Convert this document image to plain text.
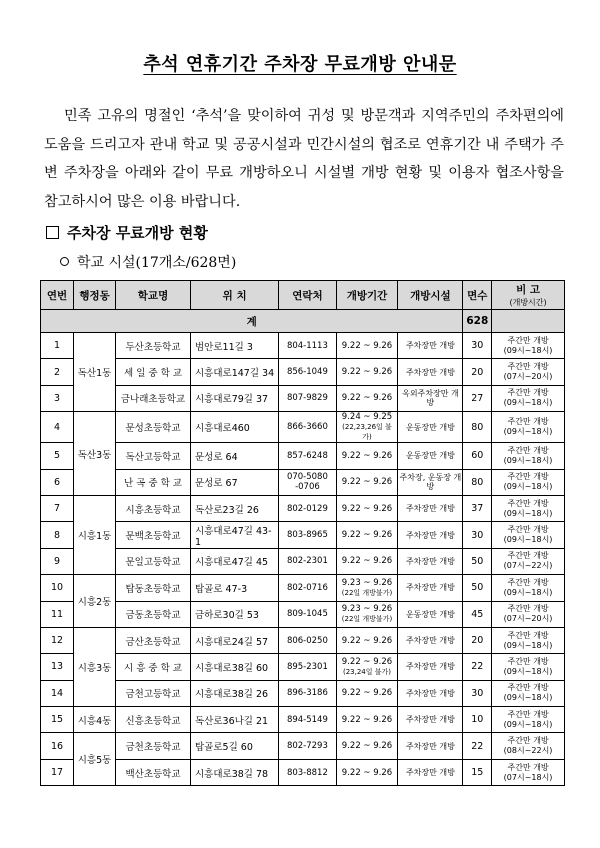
추석 연휴기간 주차장 무료개방 안내문
민족 고유의 명절인 ‘추석’을 맞이하여 귀성 및 방문객과 지역주민의 주차편의에 도움을 드리고자 관내 학교 및 공공시설과 민간시설의 협조로 연휴기간 내 주택가 주변 주차장을 아래와 같이 무료 개방하오니 시설별 개방 현황 및 이용자 협조사항을 참고하시어 많은 이용 바랍니다.
주차장 무료개방 현황
학교 시설(17개소/628면)
연번	행정동	학교명	위 치	연락처	개방기간	개방시설	면수	비 고
(개방시간)

계							628	
1	독산1동	두산초등학교	범안로11길 3	804-1113	9.22 ~ 9.26	주차장만 개방	30	주간만 개방
(09시~18시)

2		세 일 중 학 교	시흥대로147길 34	856-1049	9.22 ~ 9.26	주차장만 개방	20	주간만 개방
(07시~20시)

3		금나래초등학교	시흥대로79길 37	807-9829	9.22 ~ 9.26	옥외주차장만 개방	27	주간만 개방
(09시~18시)

4	독산3동	문성초등학교	시흥대로460	866-3660	9.24 ~ 9.25
(22,23,26일 불가)	운동장만 개방	80	주간만 개방
(09시~18시)

5		독산고등학교	문성로 64	857-6248	9.22 ~ 9.26	운동장만 개방	60	주간만 개방
(09시~18시)

6		난 곡 중 학 교	문성로 67	070-5080
-0706	9.22 ~ 9.26	주차장, 운동장 개방	80	주간만 개방
(09시~18시)

7	시흥1동	시흥초등학교	독산로23길 26	802-0129	9.22 ~ 9.26	주차장만 개방	37	주간만 개방
(09시~18시)

8		문백초등학교	시흥대로47길 43-1	803-8965	9.22 ~ 9.26	주차장만 개방	30	주간만 개방
(09시~18시)

9		문일고등학교	시흥대로47길 45	802-2301	9.22 ~ 9.26	주차장만 개방	50	주간만 개방
(07시~22시)

10	시흥2동	탑동초등학교	탑골로 47-3	802-0716	9.23 ~ 9.26
(22일 개방불가)	주차장만 개방	50	주간만 개방
(09시~18시)

11		금동초등학교	금하로30길 53	809-1045	9.23 ~ 9.26
(22일 개방불가)	운동장만 개방	45	주간만 개방
(07시~20시)

12	시흥3동	금산초등학교	시흥대로24길 57	806-0250	9.22 ~ 9.26	주차장만 개방	20	주간만 개방
(09시~18시)

13		시 흥 중 학 교	시흥대로38길 60	895-2301	9.22 ~ 9.26
(23,24일 불가)	주차장만 개방	22	주간만 개방
(09시~18시)

14		금천고등학교	시흥대로38길 26	896-3186	9.22 ~ 9.26	주차장만 개방	30	주간만 개방
(09시~18시)

15	시흥4동	신흥초등학교	독산로36나길 21	894-5149	9.22 ~ 9.26	주차장만 개방	10	주간만 개방
(09시~18시)

16	시흥5동	금천초등학교	탑골로5길 60	802-7293	9.22 ~ 9.26	주차장만 개방	22	주간만 개방
(08시~22시)

17		백산초등학교	시흥대로38길 78	803-8812	9.22 ~ 9.26	주차장만 개방	15	주간만 개방
(07시~18시)
